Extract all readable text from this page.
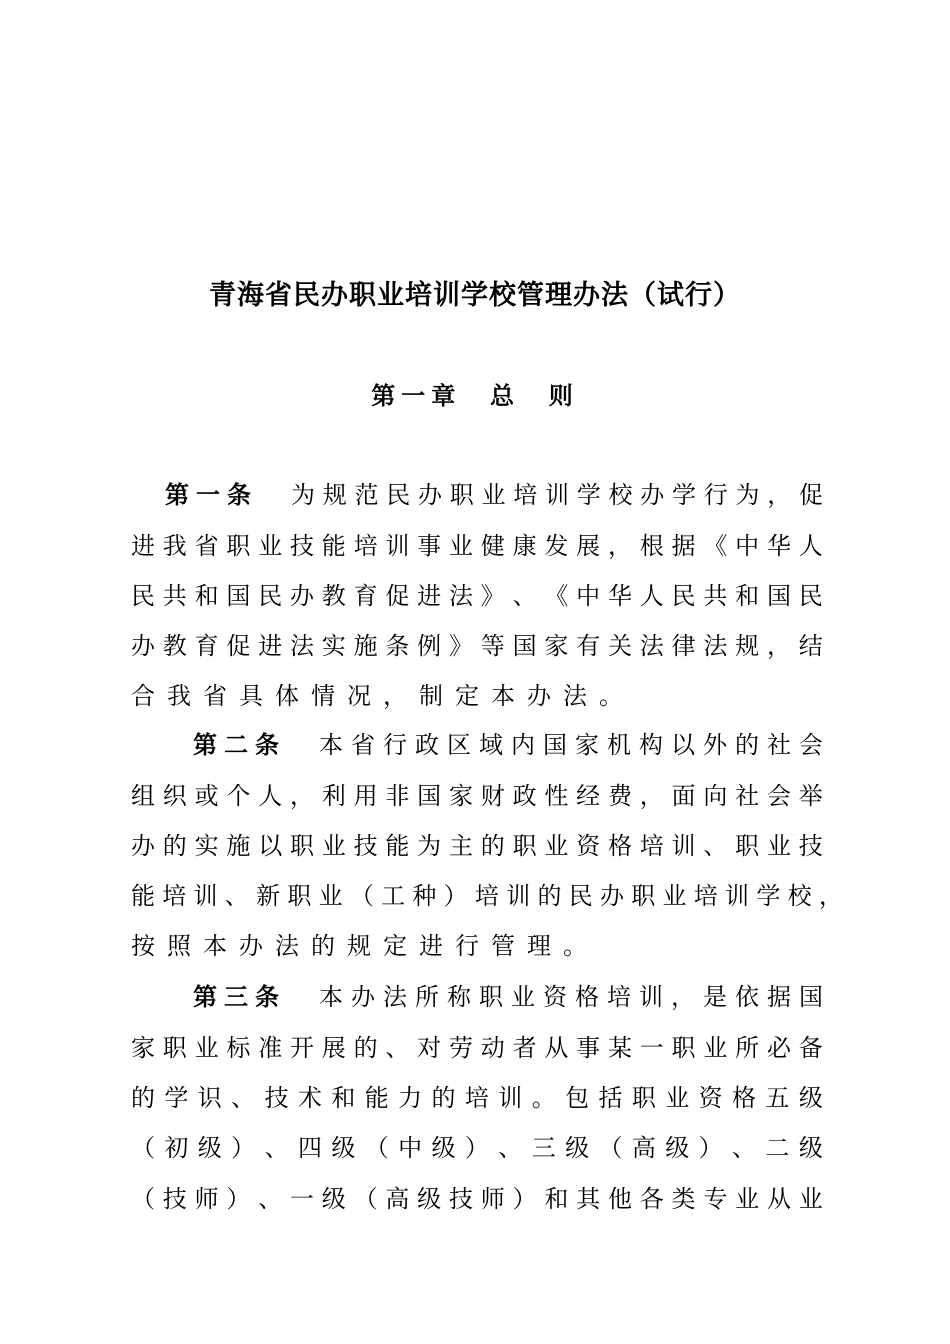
青海省民办职业培训学校管理办法（试行）
第一章  总  则
第 一 条 为 规 范 民 办 职 业 培 训 学 校 办 学 行 为 ， 促
进 我 省 职 业 技 能 培 训 事 业 健 康 发 展 ， 根 据 《 中 华 人
民 共 和 国 民 办 教 育 促 进 法 》 、 《 中 华 人 民 共 和 国 民
办 教 育 促 进 法 实 施 条 例 》 等 国 家 有 关 法 律 法 规 ， 结
合 我 省 具 体 情 况 ， 制 定 本 办 法 。
第 二 条 本 省 行 政 区 域 内 国 家 机 构 以 外 的 社 会
组 织 或 个 人 ， 利 用 非 国 家 财 政 性 经 费 ， 面 向 社 会 举
办 的 实 施 以 职 业 技 能 为 主 的 职 业 资 格 培 训 、 职 业 技
能 培 训 、 新 职 业 （ 工 种 ） 培 训 的 民 办 职 业 培 训 学 校 ，
按 照 本 办 法 的 规 定 进 行 管 理 。
第 三 条 本 办 法 所 称 职 业 资 格 培 训 ， 是 依 据 国
家 职 业 标 准 开 展 的 、 对 劳 动 者 从 事 某 一 职 业 所 必 备
的 学 识 、 技 术 和 能 力 的 培 训 。 包 括 职 业 资 格 五 级
（ 初 级 ） 、 四 级 （ 中 级 ） 、 三 级 （ 高 级 ） 、 二 级
（ 技 师 ） 、 一 级 （ 高 级 技 师 ） 和 其 他 各 类 专 业 从 业
